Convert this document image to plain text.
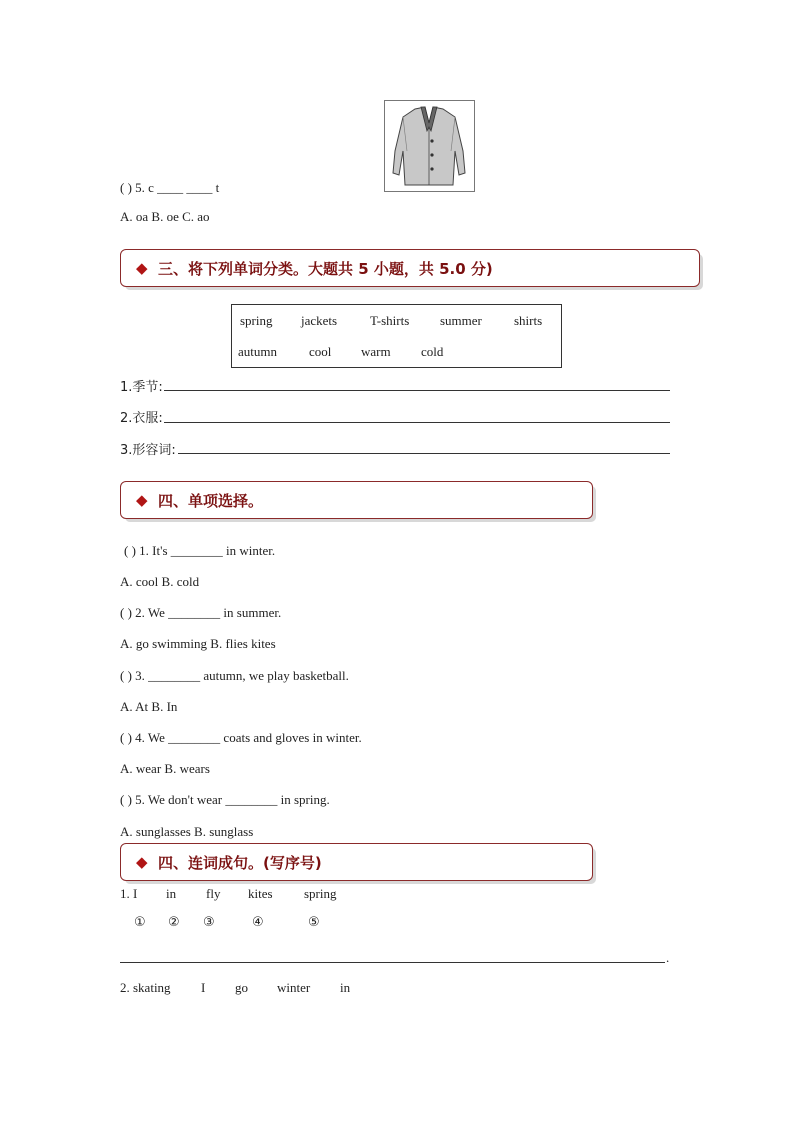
( ) 5. c ____ ____ t
A. oa B. oe C. ao
◆ 三、将下列单词分类。大题共 5 小题，共 5.0 分)
spring jackets	T-shirts summer shirts
autumn cool warm cold
1.季节:
2.衣服:
3.形容词:
◆ 四、单项选择。
( ) 1. It's ________ in winter.
A. cool B. cold
( ) 2. We ________ in summer.
A. go swimming B. flies kites
( ) 3. ________ autumn, we play basketball.
A. At B. In
( ) 4. We ________ coats and gloves in winter.
A. wear B. wears
( ) 5. We don't wear ________ in spring.
A. sunglasses B. sunglass
◆ 四、连词成句。(写序号)
1. I in fly kites spring
① ② ③	④	⑤
.
2. skating I go winter in
